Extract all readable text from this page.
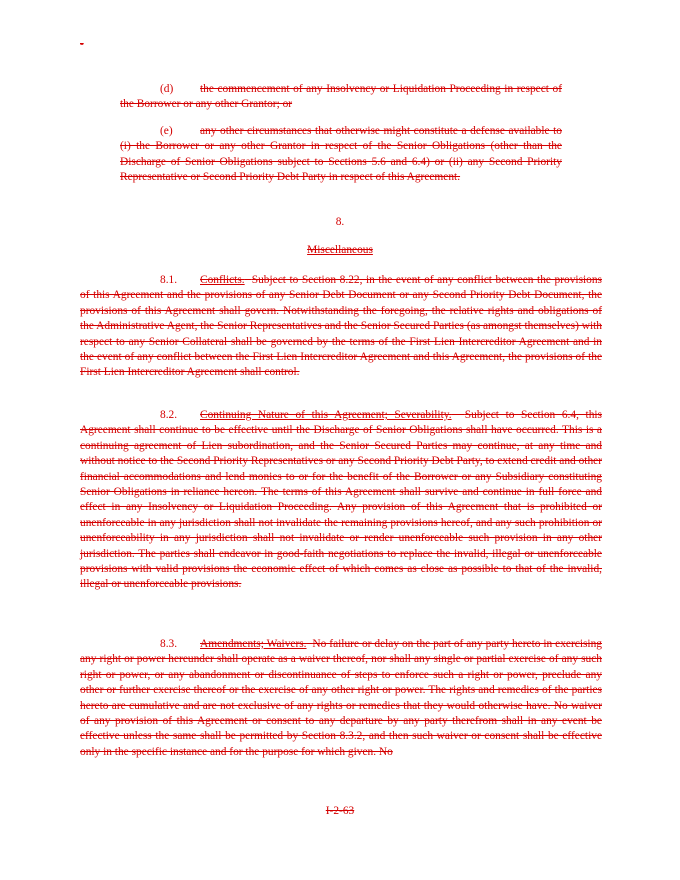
-
(d) the commencement of any Insolvency or Liquidation Proceeding in respect of the Borrower or any other Grantor; or
(e) any other circumstances that otherwise might constitute a defense available to (i) the Borrower or any other Grantor in respect of the Senior Obligations (other than the Discharge of Senior Obligations subject to Sections 5.6 and 6.4) or (ii) any Second Priority Representative or Second Priority Debt Party in respect of this Agreement.
8.
Miscellaneous
8.1. Conflicts. Subject to Section 8.22, in the event of any conflict between the provisions of this Agreement and the provisions of any Senior Debt Document or any Second Priority Debt Document, the provisions of this Agreement shall govern. Notwithstanding the foregoing, the relative rights and obligations of the Administrative Agent, the Senior Representatives and the Senior Secured Parties (as amongst themselves) with respect to any Senior Collateral shall be governed by the terms of the First Lien Intercreditor Agreement and in the event of any conflict between the First Lien Intercreditor Agreement and this Agreement, the provisions of the First Lien Intercreditor Agreement shall control.
8.2. Continuing Nature of this Agreement; Severability. Subject to Section 6.4, this Agreement shall continue to be effective until the Discharge of Senior Obligations shall have occurred. This is a continuing agreement of Lien subordination, and the Senior Secured Parties may continue, at any time and without notice to the Second Priority Representatives or any Second Priority Debt Party, to extend credit and other financial accommodations and lend monies to or for the benefit of the Borrower or any Subsidiary constituting Senior Obligations in reliance hereon. The terms of this Agreement shall survive and continue in full force and effect in any Insolvency or Liquidation Proceeding. Any provision of this Agreement that is prohibited or unenforceable in any jurisdiction shall not invalidate the remaining provisions hereof, and any such prohibition or unenforceability in any jurisdiction shall not invalidate or render unenforceable such provision in any other jurisdiction. The parties shall endeavor in good-faith negotiations to replace the invalid, illegal or unenforceable provisions with valid provisions the economic effect of which comes as close as possible to that of the invalid, illegal or unenforceable provisions.
8.3. Amendments; Waivers. No failure or delay on the part of any party hereto in exercising any right or power hereunder shall operate as a waiver thereof, nor shall any single or partial exercise of any such right or power, or any abandonment or discontinuance of steps to enforce such a right or power, preclude any other or further exercise thereof or the exercise of any other right or power. The rights and remedies of the parties hereto are cumulative and are not exclusive of any rights or remedies that they would otherwise have. No waiver of any provision of this Agreement or consent to any departure by any party therefrom shall in any event be effective unless the same shall be permitted by Section 8.3.2, and then such waiver or consent shall be effective only in the specific instance and for the purpose for which given. No
I-2-63
